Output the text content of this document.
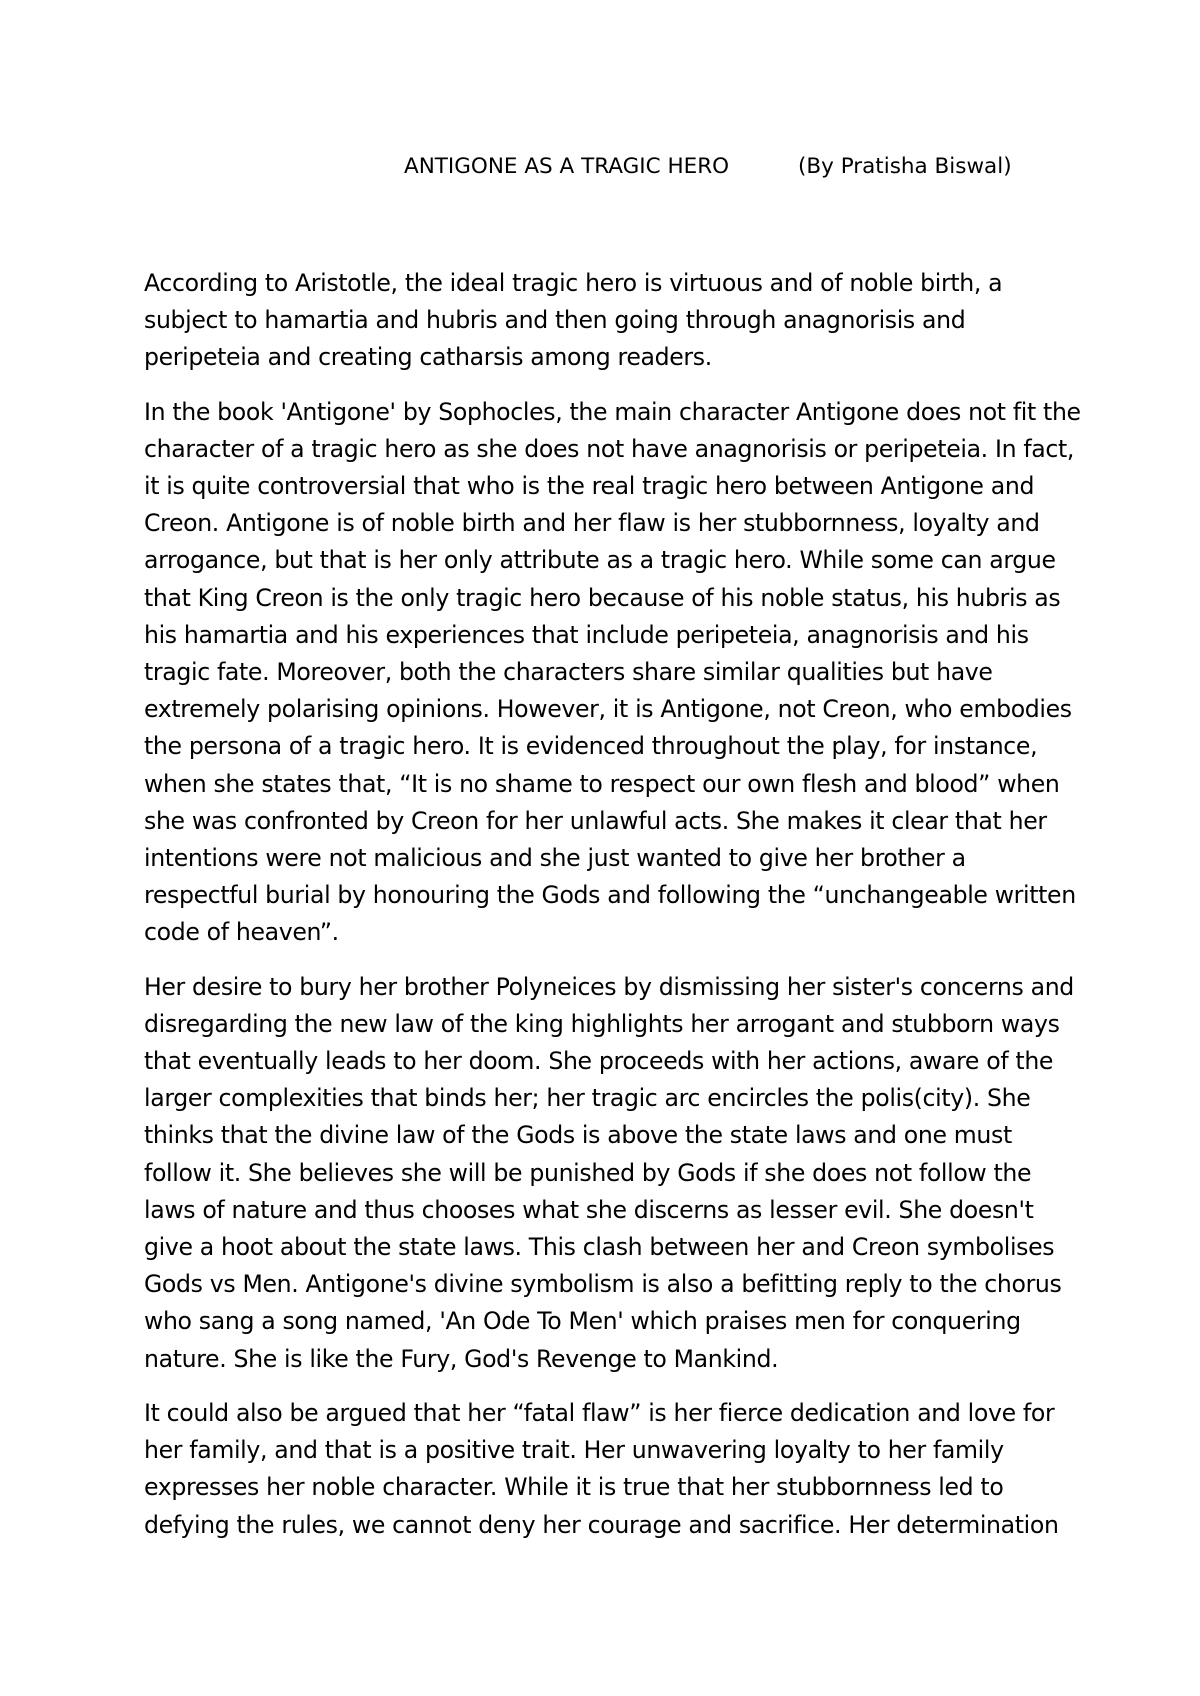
ANTIGONE AS A TRAGIC HERO	(By Pratisha Biswal)

According to Aristotle, the ideal tragic hero is virtuous and of noble birth, a subject to hamartia and hubris and then going through anagnorisis and peripeteia and creating catharsis among readers.

In the book 'Antigone' by Sophocles, the main character Antigone does not fit the character of a tragic hero as she does not have anagnorisis or peripeteia. In fact, it is quite controversial that who is the real tragic hero between Antigone and Creon. Antigone is of noble birth and her flaw is her stubbornness, loyalty and arrogance, but that is her only attribute as a tragic hero. While some can argue that King Creon is the only tragic hero because of his noble status, his hubris as his hamartia and his experiences that include peripeteia, anagnorisis and his tragic fate. Moreover, both the characters share similar qualities but have extremely polarising opinions. However, it is Antigone, not Creon, who embodies the persona of a tragic hero. It is evidenced throughout the play, for instance, when she states that, “It is no shame to respect our own flesh and blood” when she was confronted by Creon for her unlawful acts. She makes it clear that her intentions were not malicious and she just wanted to give her brother a respectful burial by honouring the Gods and following the “unchangeable written code of heaven”.

Her desire to bury her brother Polyneices by dismissing her sister's concerns and disregarding the new law of the king highlights her arrogant and stubborn ways that eventually leads to her doom. She proceeds with her actions, aware of the larger complexities that binds her; her tragic arc encircles the polis(city). She thinks that the divine law of the Gods is above the state laws and one must follow it. She believes she will be punished by Gods if she does not follow the laws of nature and thus chooses what she discerns as lesser evil. She doesn't give a hoot about the state laws. This clash between her and Creon symbolises Gods vs Men. Antigone's divine symbolism is also a befitting reply to the chorus who sang a song named, 'An Ode To Men' which praises men for conquering nature. She is like the Fury, God's Revenge to Mankind.

It could also be argued that her “fatal flaw” is her fierce dedication and love for her family, and that is a positive trait. Her unwavering loyalty to her family expresses her noble character. While it is true that her stubbornness led to defying the rules, we cannot deny her courage and sacrifice. Her determination
